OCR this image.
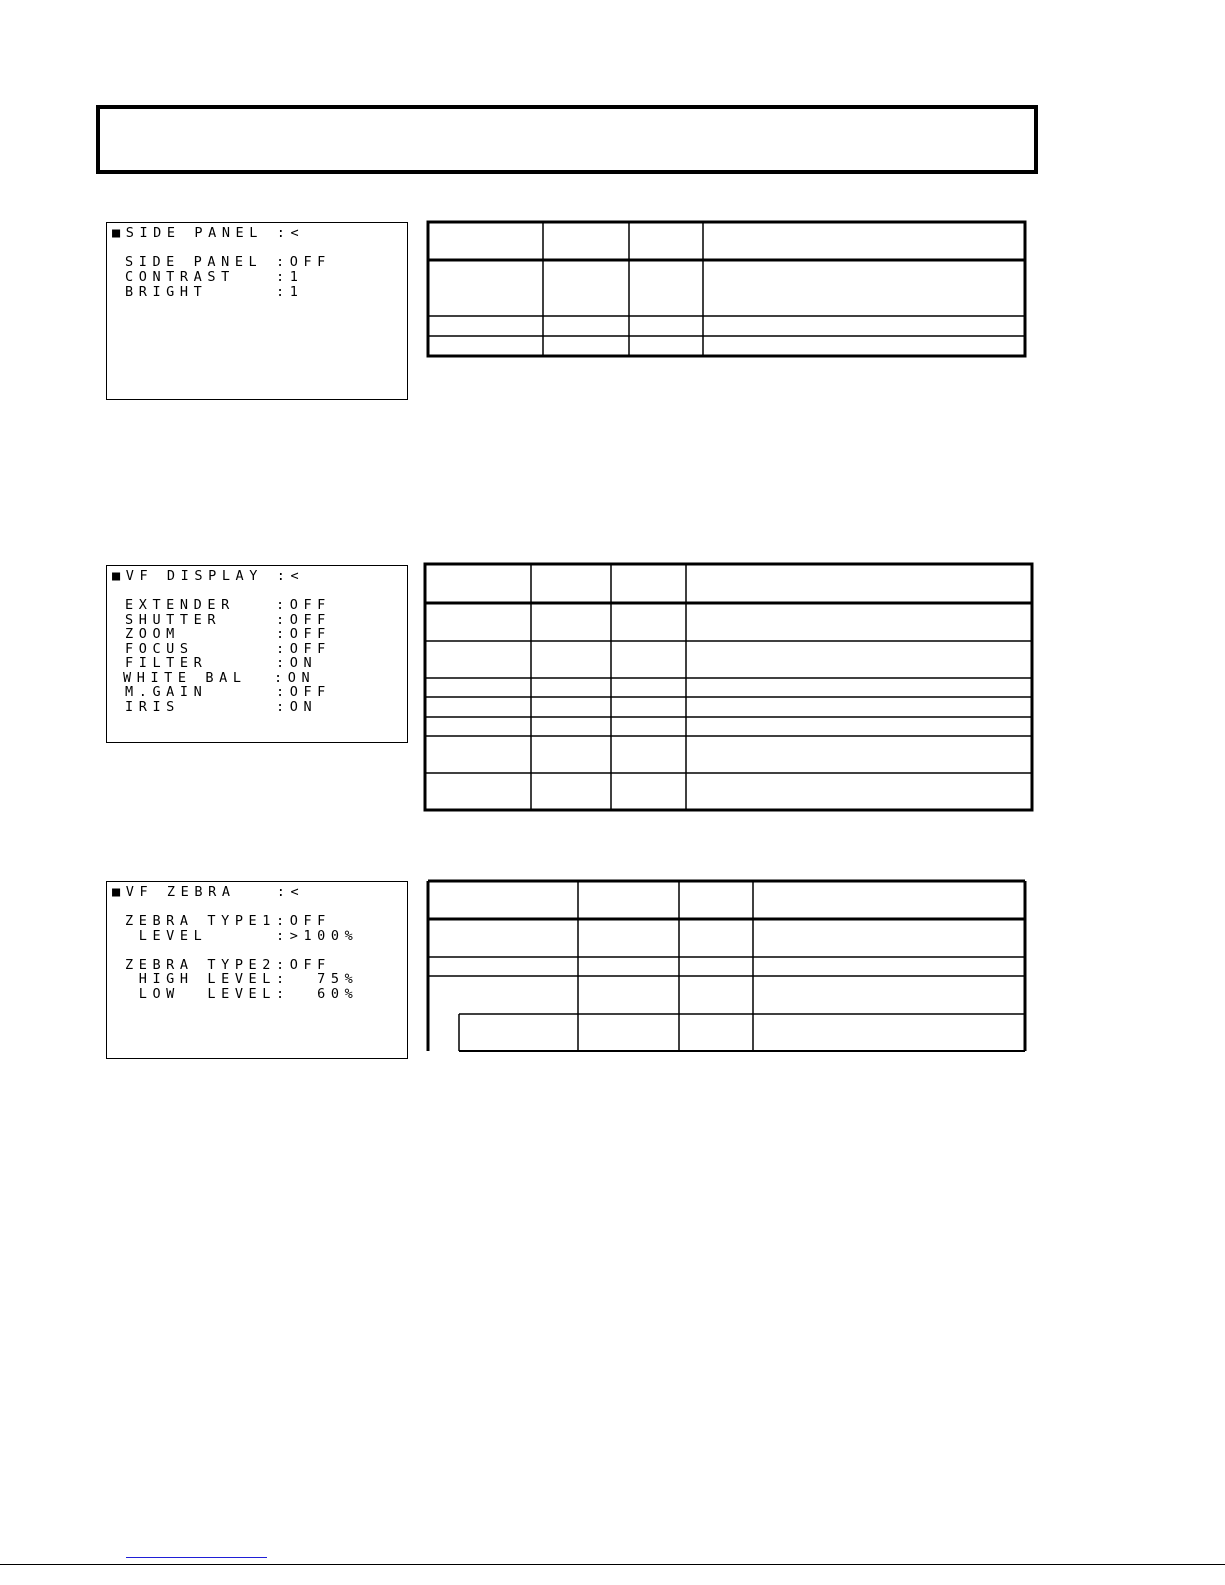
■SIDE PANEL :<
SIDE PANEL :OFF
CONTRAST   :1
BRIGHT     :1
■VF DISPLAY :<
EXTENDER   :OFF
SHUTTER    :OFF
ZOOM       :OFF
FOCUS      :OFF
FILTER     :ON
WHITE BAL  :ON
M.GAIN     :OFF
IRIS       :ON
■VF ZEBRA   :<
ZEBRA TYPE1:OFF
LEVEL     :>100%
ZEBRA TYPE2:OFF
HIGH LEVEL:  75%
LOW  LEVEL:  60%
